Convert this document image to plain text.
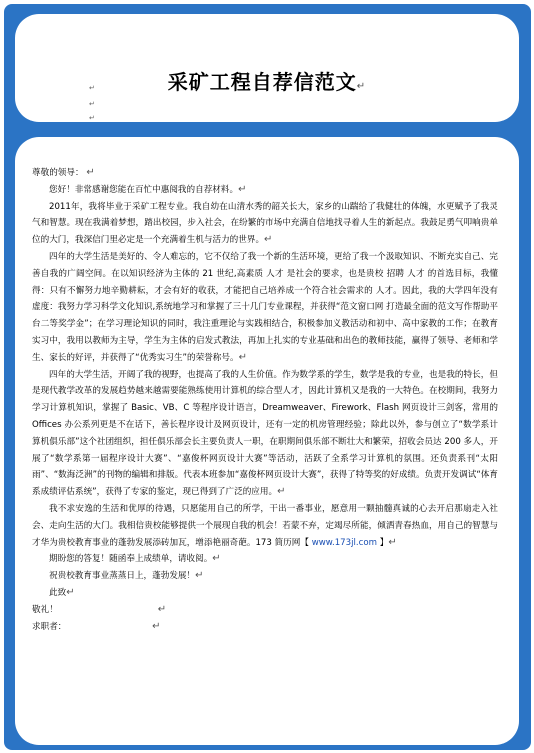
采矿工程自荐信范文↵
↵
↵
↵

尊敬的领导： ↵

您好！非常感谢您能在百忙中惠阅我的自荐材料。↵

2011年，我将毕业于采矿工程专业。我自幼在山清水秀的韶关长大，家乡的山踹给了我健壮的体魄，水更赋予了我灵气和智慧。现在我满着梦想，踏出校园，步入社会，在纷繁的市场中充满自信地找寻着人生的新起点。我鼓足勇气叩响贵单位的大门，我深信门里必定是一个充满着生机与活力的世界。↵

四年的大学生活是美好的、令人难忘的，它不仅给了我一个新的生活环境，更给了我一个汲取知识、不断充实自己、完善自我的广阔空间。在以知识经济为主体的 21 世纪,高素质 人才 是社会的要求，也是贵校 招聘 人才 的首选目标，我懂得：只有不懈努力地辛勤耕耘，才会有好的收获，才能把自己培养成一个符合社会需求的 人才。因此，我的大学四年没有虚度：我努力学习科学文化知识,系统地学习和掌握了三十几门专业课程，并获得“范文窗口网 打造最全面的范文写作帮助平台二等奖学金”；在学习理论知识的同时，我注重理论与实践相结合，积极参加义教活动和初中、高中家教的工作；在教育实习中，我用以教师为主导，学生为主体的启发式教法，再加上扎实的专业基础和出色的教师技能，赢得了领导、老师和学生、家长的好评，并获得了“优秀实习生”的荣誉称号。↵

四年的大学生活，开阔了我的视野，也提高了我的人生价值。作为数学系的学生，数学是我的专业，也是我的特长，但是现代教学改革的发展趋势越来越需要能熟练使用计算机的综合型人才，因此计算机又是我的一大特色。在校期间，我努力学习计算机知识，掌握了 Basic、VB、C 等程序设计语言，Dreamweaver、Firework、Flash 网页设计三剑客，常用的 Offices 办公系列更是不在话下，善长程序设计及网页设计，还有一定的机房管理经验；除此以外，参与创立了“数学系计算机俱乐部”这个社团组织，担任俱乐部会长主要负责人一职，在职期间俱乐部不断壮大和繁荣，招收会员达 200 多人，开展了“数学系第一届程序设计大赛”、“嘉俊杯网页设计大赛”等活动，活跃了全系学习计算机的氛围。还负责系刊“太阳雨”、“数海泛洲”的刊物的编辑和排版。代表本班参加“嘉俊杯网页设计大赛”，获得了特等奖的好成绩。负责开发调试“体育系成绩评估系统”，获得了专家的鉴定，现已得到了广泛的应用。↵

我不求安逸的生活和优厚的待遇，只愿能用自己的所学，干出一番事业，愿意用一颗抽髓真诚的心去开启那扇走入社会、走向生活的大门。我相信贵校能够提供一个展现自我的机会！若蒙不弃，定竭尽所能，倾洒青春热血，用自己的智慧与才华为贵校教育事业的蓬勃发展添砖加瓦，增添艳丽奇葩。173 简历网【 www.173jl.com 】↵

期盼您的答复！随函奉上成绩单，请收阅。↵

祝贵校教育事业蒸蒸日上，蓬勃发展！↵

此致↵

敬礼！　　　　　　　　　　↵

求职者：　　　　　　　　　↵
